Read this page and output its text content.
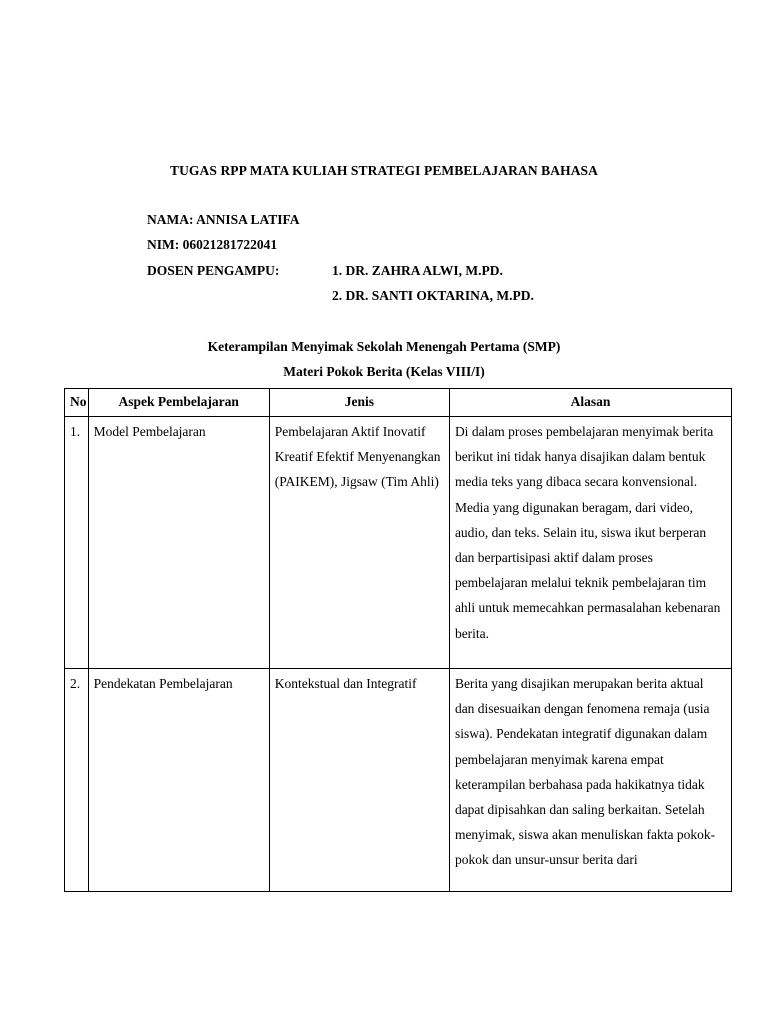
TUGAS RPP MATA KULIAH STRATEGI PEMBELAJARAN BAHASA
NAMA: ANNISA LATIFA
NIM: 06021281722041
DOSEN PENGAMPU:	1. DR. ZAHRA ALWI, M.PD.
2. DR. SANTI OKTARINA, M.PD.
Keterampilan Menyimak Sekolah Menengah Pertama (SMP)
Materi Pokok Berita (Kelas VIII/I)
No	Aspek Pembelajaran	Jenis	Alasan
1.	Model Pembelajaran	Pembelajaran Aktif Inovatif Kreatif Efektif Menyenangkan (PAIKEM), Jigsaw (Tim Ahli)	Di dalam proses pembelajaran menyimak berita berikut ini tidak hanya disajikan dalam bentuk media teks yang dibaca secara konvensional. Media yang digunakan beragam, dari video, audio, dan teks. Selain itu, siswa ikut berperan dan berpartisipasi aktif dalam proses pembelajaran melalui teknik pembelajaran tim ahli untuk memecahkan permasalahan kebenaran berita.
2.	Pendekatan Pembelajaran	Kontekstual dan Integratif	Berita yang disajikan merupakan berita aktual dan disesuaikan dengan fenomena remaja (usia siswa). Pendekatan integratif digunakan dalam pembelajaran menyimak karena empat keterampilan berbahasa pada hakikatnya tidak dapat dipisahkan dan saling berkaitan. Setelah menyimak, siswa akan menuliskan fakta pokok-pokok dan unsur-unsur berita dari
